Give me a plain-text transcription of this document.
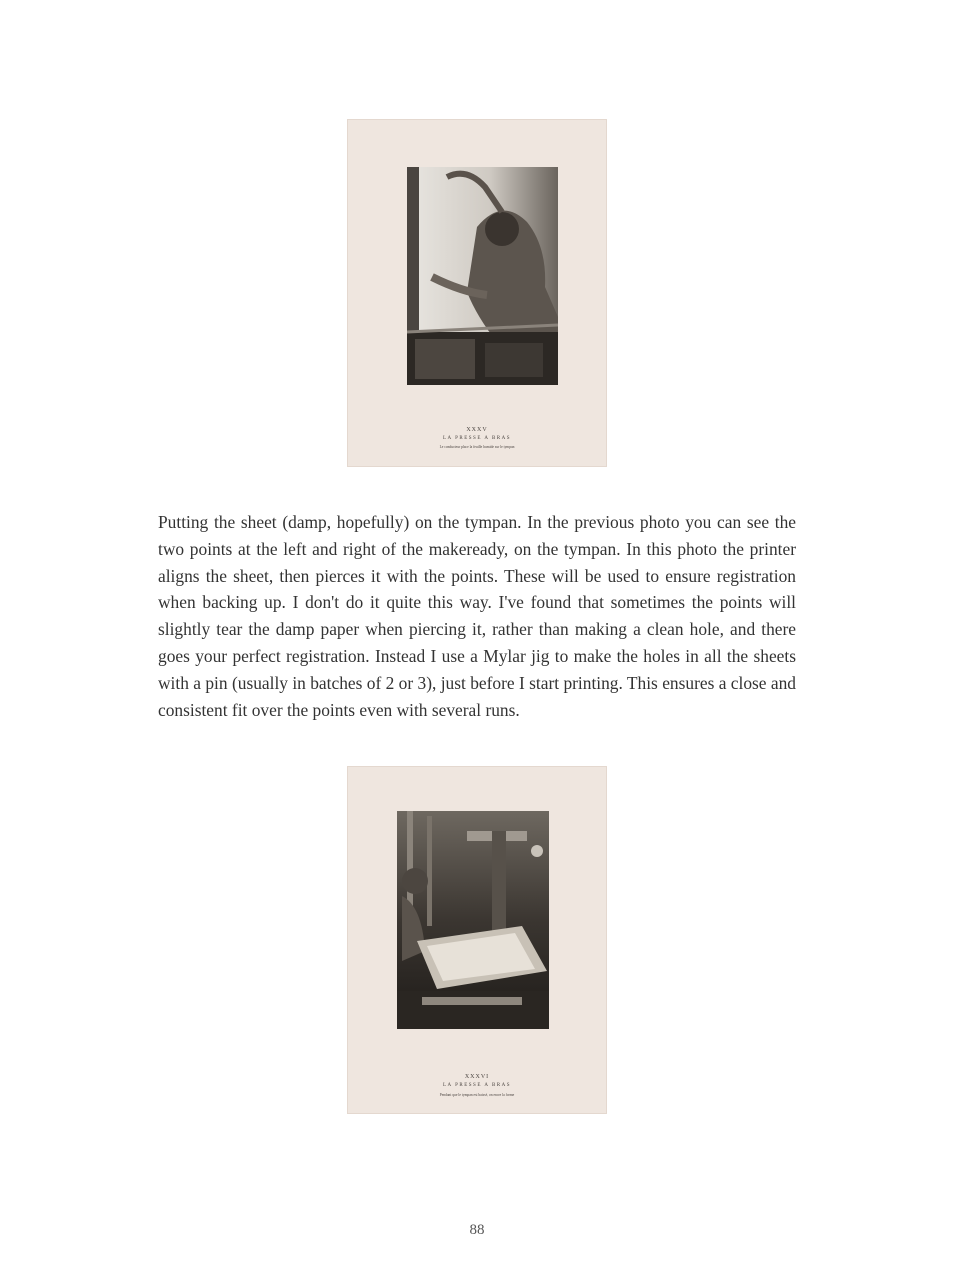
XXXV
LA PRESSE A BRAS
Le conducteur place la feuille humide sur le tympan

Putting the sheet (damp, hopefully) on the tympan. In the previous photo you can see the two points at the left and right of the makeready, on the tympan. In this photo the printer aligns the sheet, then pierces it with the points. These will be used to ensure registration when backing up. I don't do it quite this way. I've found that sometimes the points will slightly tear the damp paper when piercing it, rather than making a clean hole, and there goes your perfect registration. Instead I use a Mylar jig to make the holes in all the sheets with a pin (usually in batches of 2 or 3), just before I start printing. This ensures a close and consistent fit over the points even with several runs.

XXXVI
LA PRESSE A BRAS
Pendant que le tympan est baissé, on encre la forme
88
